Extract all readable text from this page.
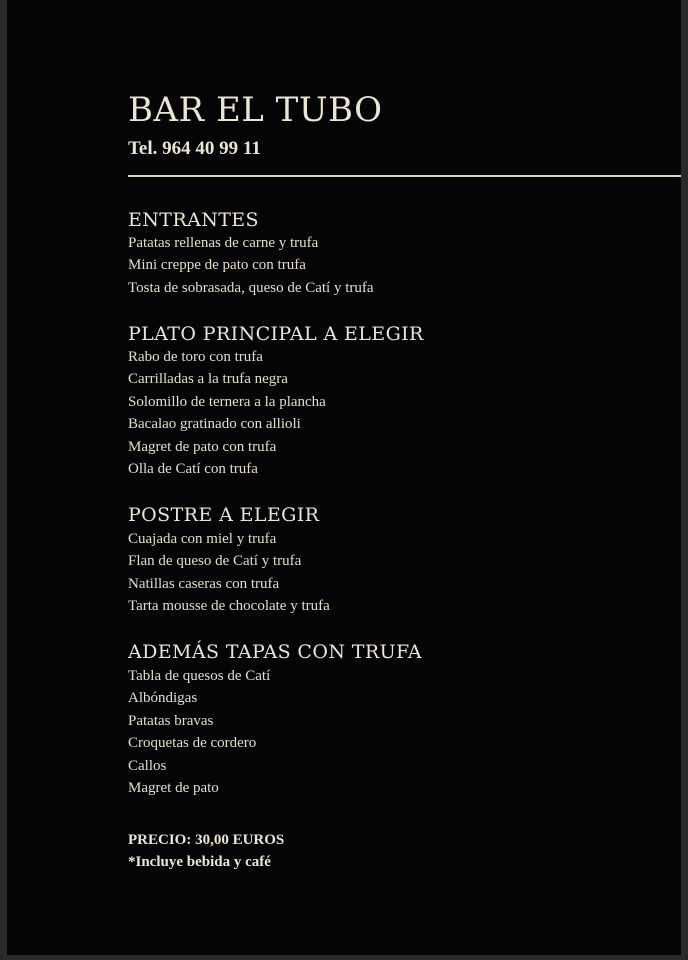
BAR EL TUBO
Tel. 964 40 99 11
ENTRANTES
Patatas rellenas de carne y trufa
Mini creppe de pato con trufa
Tosta de sobrasada, queso de Catí y trufa
PLATO PRINCIPAL A ELEGIR
Rabo de toro con trufa
Carrilladas a la trufa negra
Solomillo de ternera a la plancha
Bacalao gratinado con allioli
Magret de pato con trufa
Olla de Catí con trufa
POSTRE A ELEGIR
Cuajada con miel y trufa
Flan de queso de Catí y trufa
Natillas caseras con trufa
Tarta mousse de chocolate y trufa
ADEMÁS TAPAS CON TRUFA
Tabla de quesos de Catí
Albóndigas
Patatas bravas
Croquetas de cordero
Callos
Magret de pato
PRECIO: 30,00 EUROS
*Incluye bebida y café
